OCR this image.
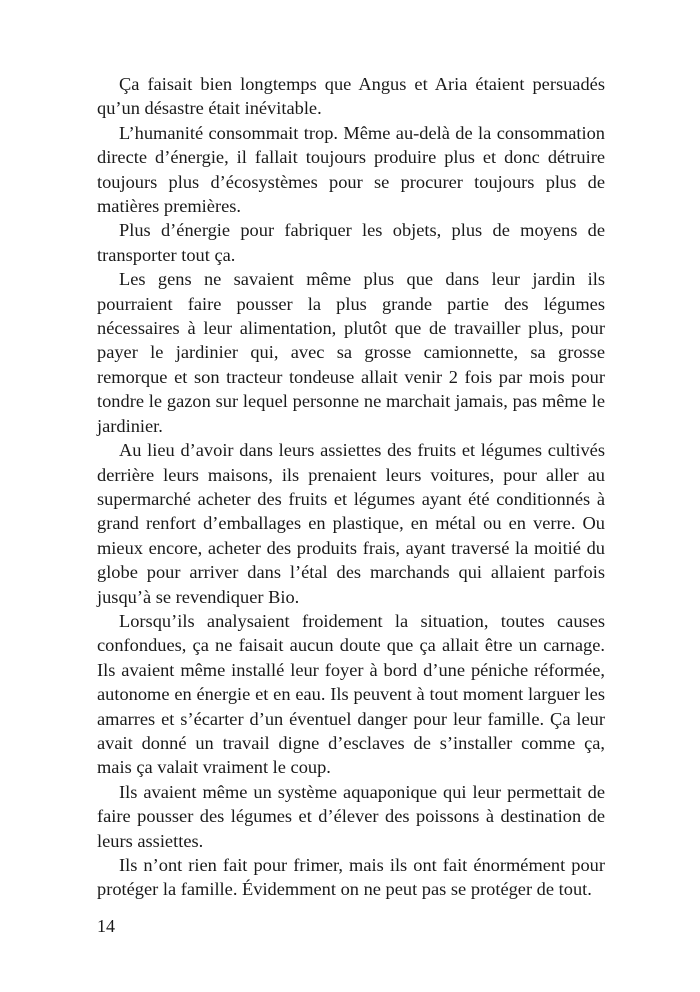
Ça faisait bien longtemps que Angus et Aria étaient persuadés qu’un désastre était inévitable.

L’humanité consommait trop. Même au-delà de la consommation directe d’énergie, il fallait toujours produire plus et donc détruire toujours plus d’écosystèmes pour se procurer toujours plus de matières premières.

Plus d’énergie pour fabriquer les objets, plus de moyens de transporter tout ça.

Les gens ne savaient même plus que dans leur jardin ils pourraient faire pousser la plus grande partie des légumes nécessaires à leur alimentation, plutôt que de travailler plus, pour payer le jardinier qui, avec sa grosse camionnette, sa grosse remorque et son tracteur tondeuse allait venir 2 fois par mois pour tondre le gazon sur lequel personne ne marchait jamais, pas même le jardinier.

Au lieu d’avoir dans leurs assiettes des fruits et légumes cultivés derrière leurs maisons, ils prenaient leurs voitures, pour aller au supermarché acheter des fruits et légumes ayant été conditionnés à grand renfort d’emballages en plastique, en métal ou en verre. Ou mieux encore, acheter des produits frais, ayant traversé la moitié du globe pour arriver dans l’étal des marchands qui allaient parfois jusqu’à se revendiquer Bio.

Lorsqu’ils analysaient froidement la situation, toutes causes confondues, ça ne faisait aucun doute que ça allait être un carnage. Ils avaient même installé leur foyer à bord d’une péniche réformée, autonome en énergie et en eau. Ils peuvent à tout moment larguer les amarres et s’écarter d’un éventuel danger pour leur famille. Ça leur avait donné un travail digne d’esclaves de s’installer comme ça, mais ça valait vraiment le coup.

Ils avaient même un système aquaponique qui leur permettait de faire pousser des légumes et d’élever des poissons à destination de leurs assiettes.

Ils n’ont rien fait pour frimer, mais ils ont fait énormément pour protéger la famille. Évidemment on ne peut pas se protéger de tout.

14
